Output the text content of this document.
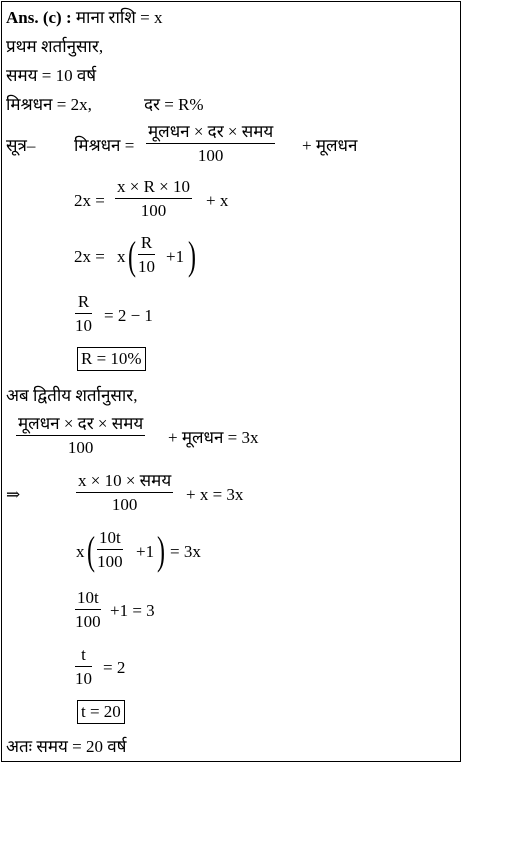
Ans. (c) : माना राशि = x
प्रथम शर्तानुसार,
समय = 10 वर्ष
मिश्रधन = 2x,	दर = R%
सूत्र– मिश्रधन =
मूलधन × दर × समय
100
+ मूलधन
$2x = \frac{x \times R \times 10}{100} + x$
2x = x ( $\frac{R}{10} +1$ )
$\frac{R}{10} = 2 - 1$
R = 10%
अब द्वितीय शर्तानुसार,
मूलधन × दर × समय
100
+ मूलधन = 3x
⇒
x × 10 × समय
100
+ x = 3x
x ( $\frac{10t}{100} +1$ ) = 3x
$\frac{10t}{100} +1 = 3$
$\frac{t}{10} = 2$
t = 20
अतः समय = 20 वर्ष
